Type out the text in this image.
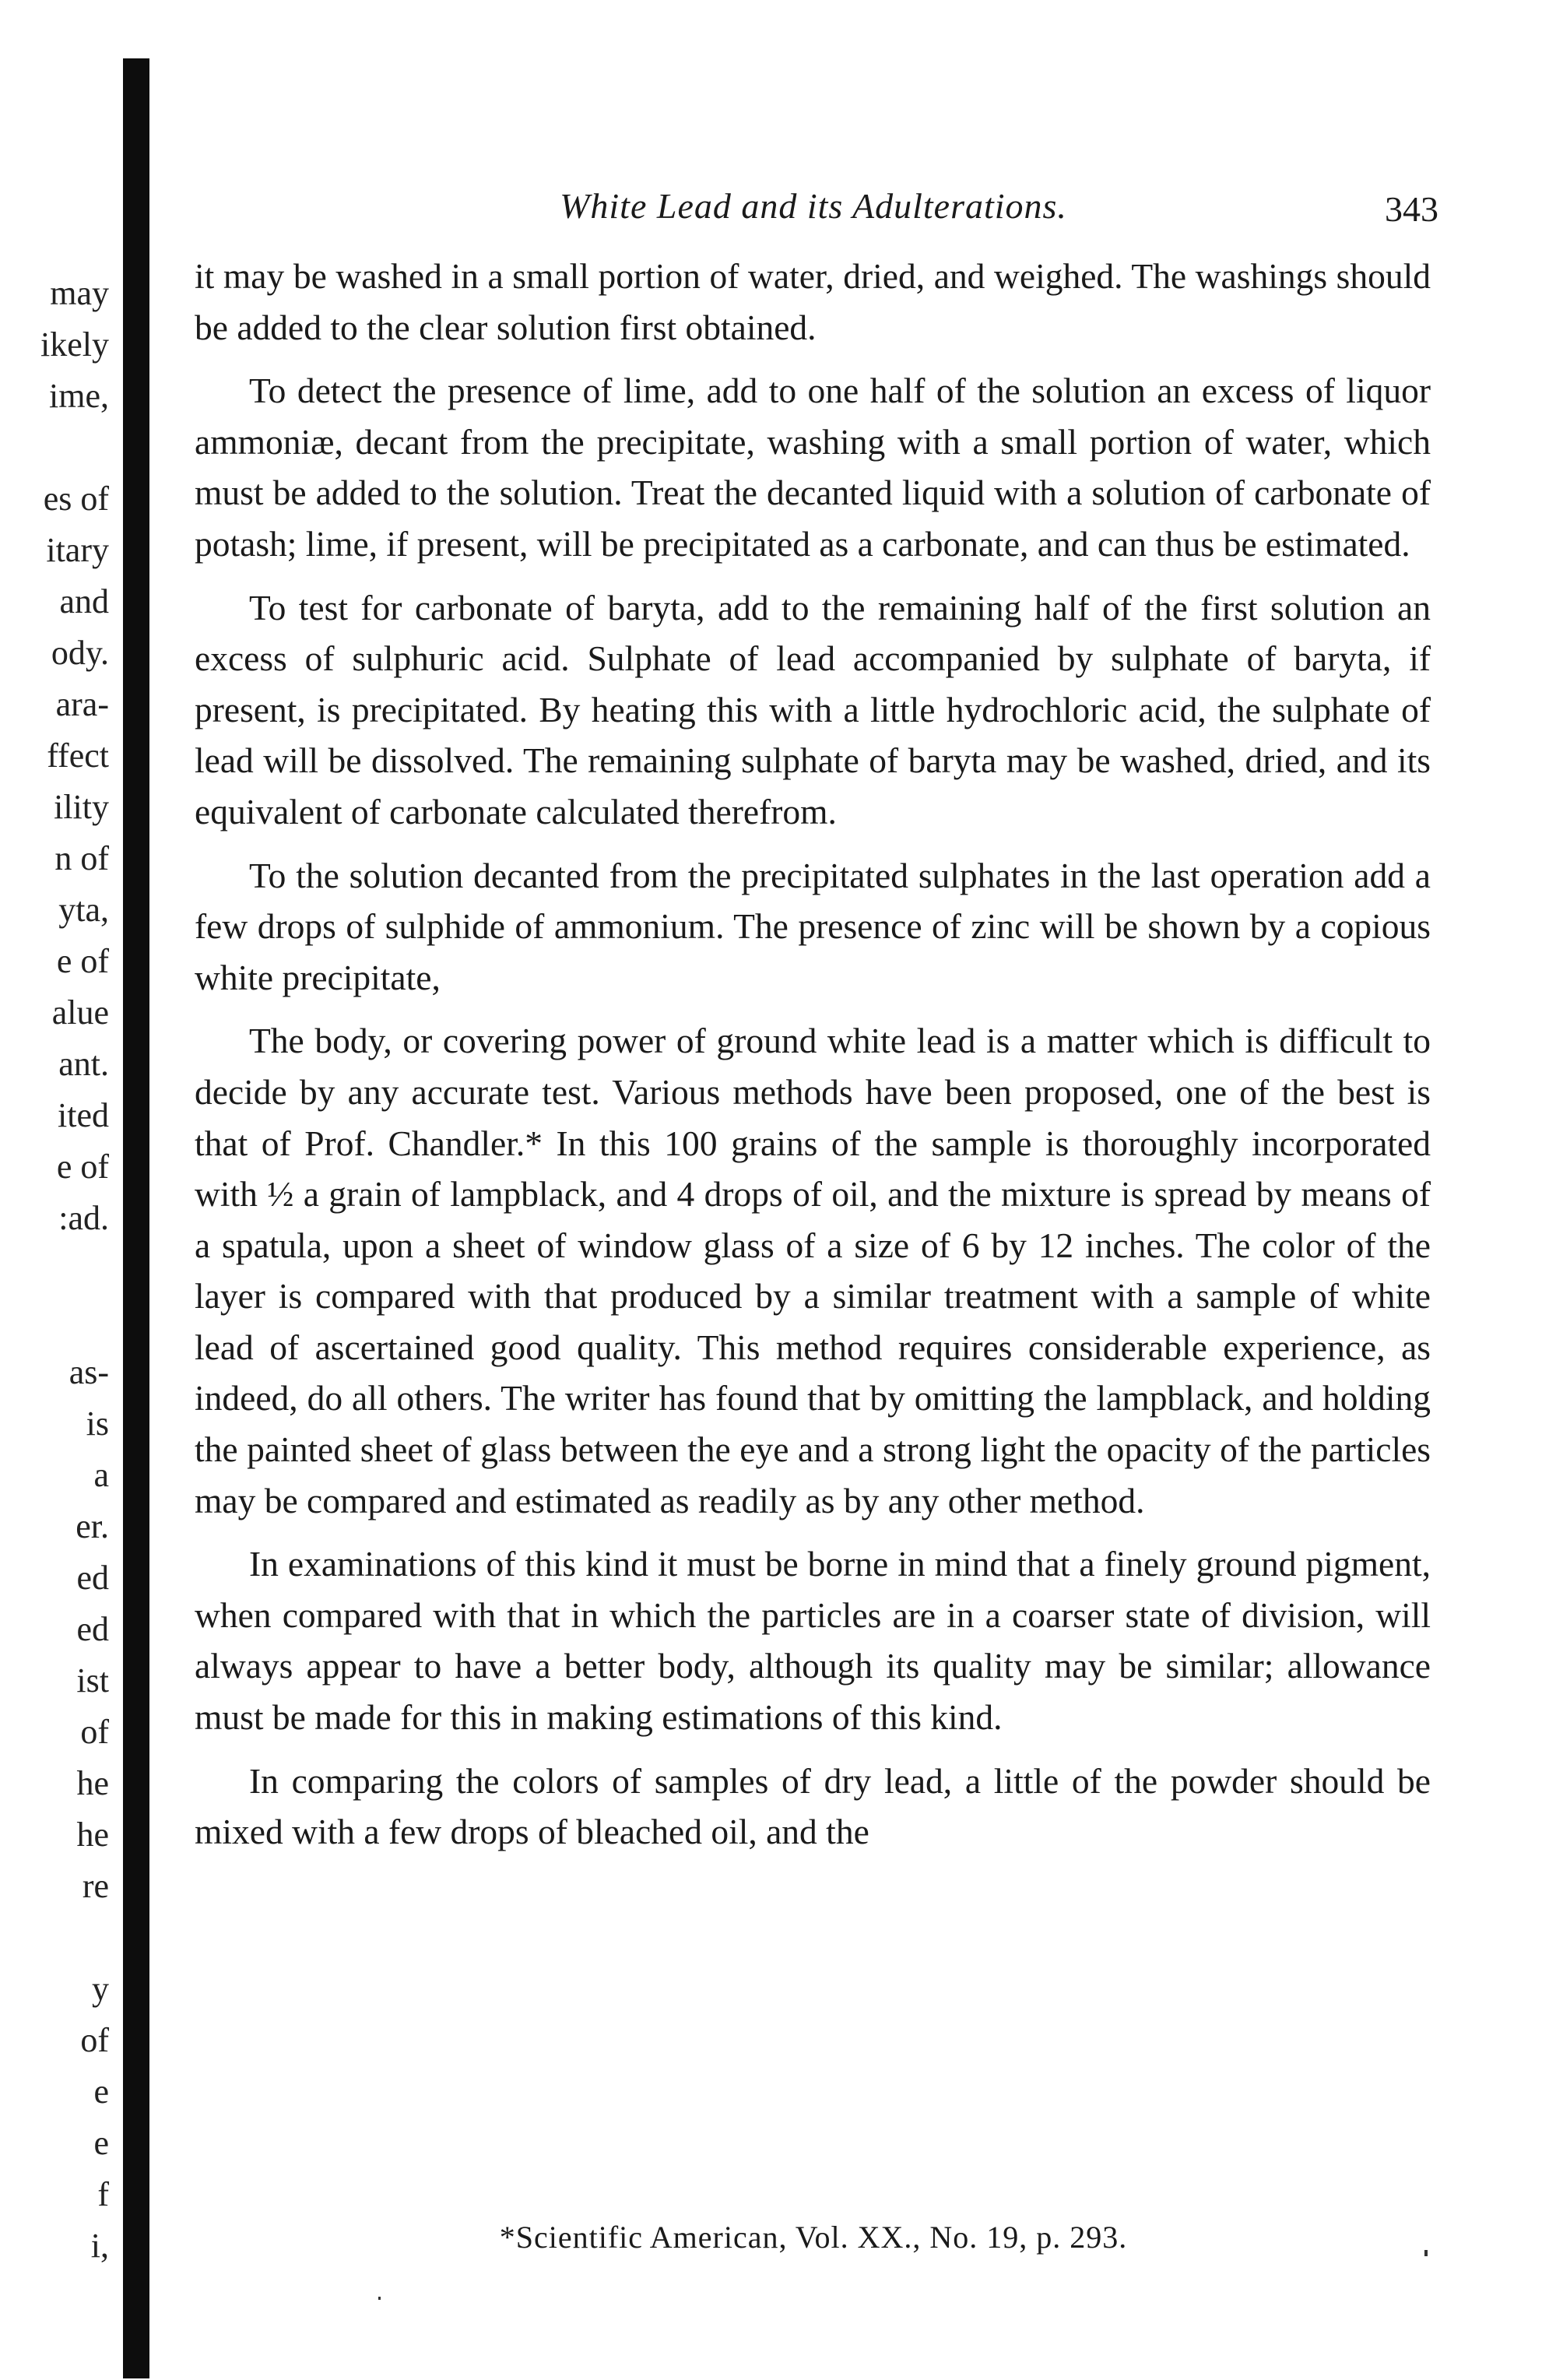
may
ikely
ime,
es of
itary
and
ody.
ara-
ffect
ility
n of
yta,
e of
alue
ant.
ited
e of
:ad.
as-
is
a
er.
ed
ed
ist
of
he
he
re
y
of
e
e
f
i,
White Lead and its Adulterations.	343

it may be washed in a small portion of water, dried, and weighed. The washings should be added to the clear solution first obtained.

To detect the presence of lime, add to one half of the solution an excess of liquor ammoniæ, decant from the precipitate, washing with a small portion of water, which must be added to the solution. Treat the decanted liquid with a solution of carbonate of potash; lime, if present, will be precipitated as a carbonate, and can thus be estimated.

To test for carbonate of baryta, add to the remaining half of the first solution an excess of sulphuric acid. Sulphate of lead accompanied by sulphate of baryta, if present, is precipitated. By heating this with a little hydrochloric acid, the sulphate of lead will be dissolved. The remaining sulphate of baryta may be washed, dried, and its equivalent of carbonate calculated therefrom.

To the solution decanted from the precipitated sulphates in the last operation add a few drops of sulphide of ammonium. The presence of zinc will be shown by a copious white precipitate,

The body, or covering power of ground white lead is a matter which is difficult to decide by any accurate test. Various methods have been proposed, one of the best is that of Prof. Chandler.* In this 100 grains of the sample is thoroughly incorporated with ½ a grain of lampblack, and 4 drops of oil, and the mixture is spread by means of a spatula, upon a sheet of window glass of a size of 6 by 12 inches. The color of the layer is compared with that produced by a similar treatment with a sample of white lead of ascertained good quality. This method requires considerable experience, as indeed, do all others. The writer has found that by omitting the lampblack, and holding the painted sheet of glass between the eye and a strong light the opacity of the particles may be compared and estimated as readily as by any other method.

In examinations of this kind it must be borne in mind that a finely ground pigment, when compared with that in which the particles are in a coarser state of division, will always appear to have a better body, although its quality may be similar; allowance must be made for this in making estimations of this kind.

In comparing the colors of samples of dry lead, a little of the powder should be mixed with a few drops of bleached oil, and the

*Scientific American, Vol. XX., No. 19, p. 293.
